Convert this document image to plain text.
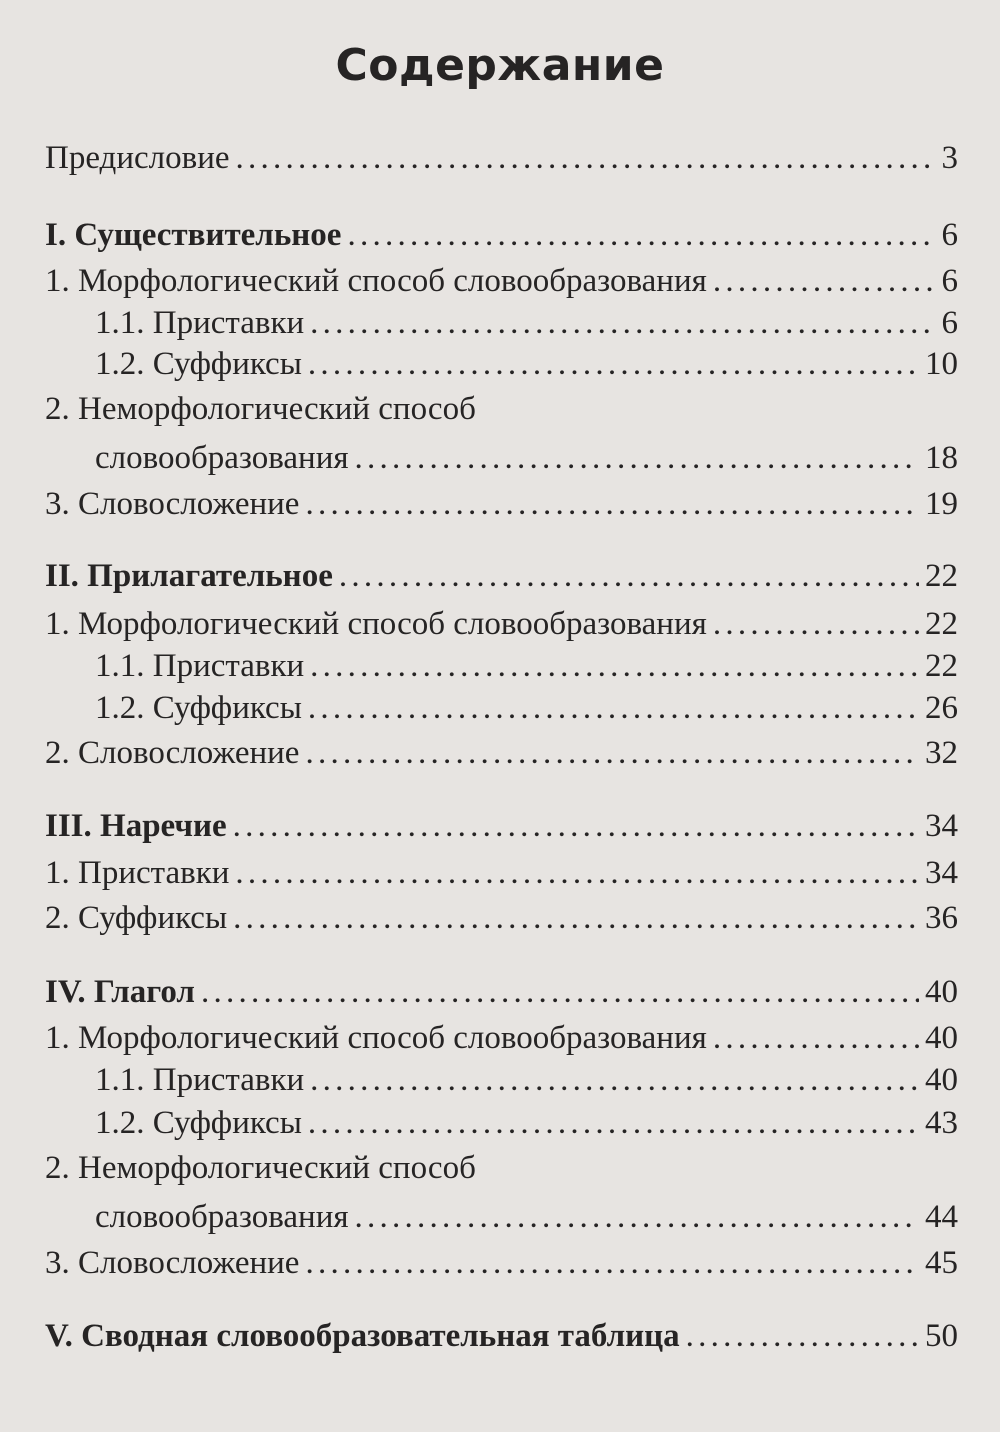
Содержание
Предисловие . . .	3
I. Существительное . . .	6
1. Морфологический способ словообразования . . .	6
1.1. Приставки . . .	6
1.2. Суффиксы . . .	10
2. Неморфологический способ
словообразования . . .	18
3. Словосложение . . .	19
II. Прилагательное . . .	22
1. Морфологический способ словообразования . . .	22
1.1. Приставки . . .	22
1.2. Суффиксы . . .	26
2. Словосложение . . .	32
III. Наречие . . .	34
1. Приставки . . .	34
2. Суффиксы . . .	36
IV. Глагол . . .	40
1. Морфологический способ словообразования . . .	40
1.1. Приставки . . .	40
1.2. Суффиксы . . .	43
2. Неморфологический способ
словообразования . . .	44
3. Словосложение . . .	45
V. Сводная словообразовательная таблица . . .	50
